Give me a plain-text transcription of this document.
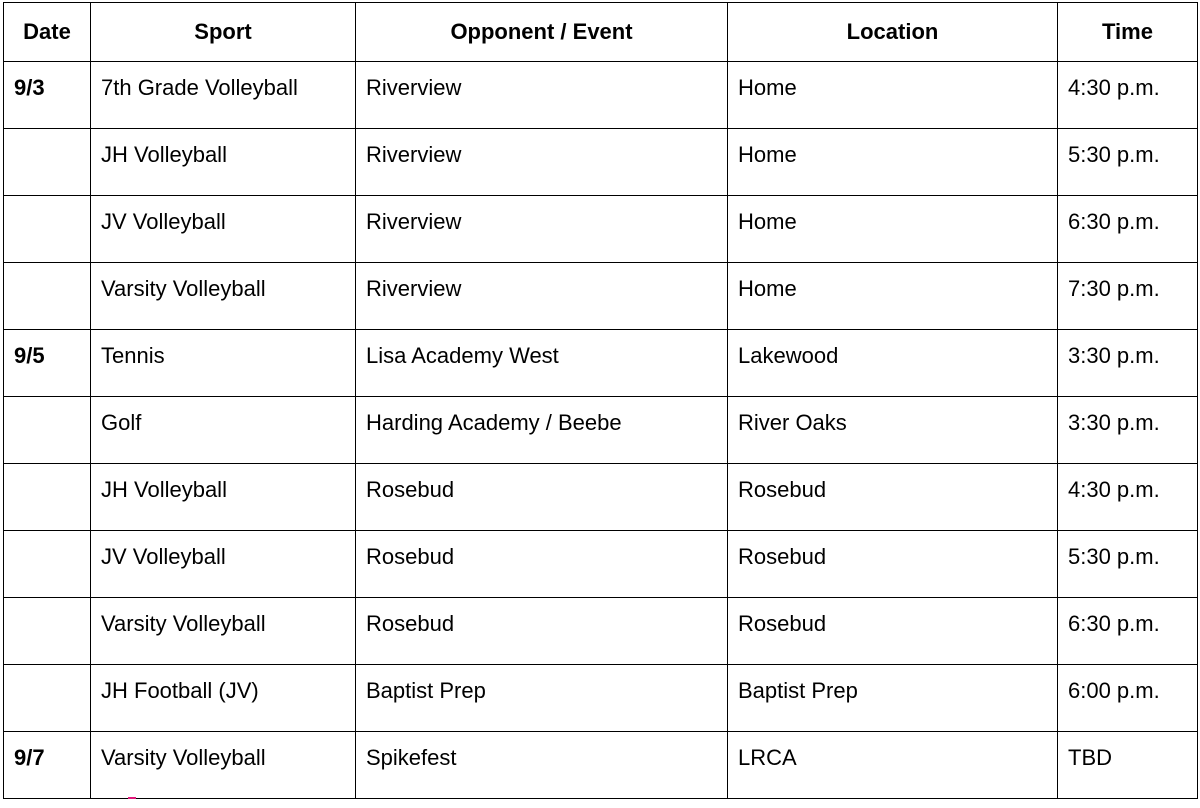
Date	Sport	Opponent / Event	Location	Time
9/3	7th Grade Volleyball	Riverview	Home	4:30 p.m.
	JH Volleyball	Riverview	Home	5:30 p.m.
	JV Volleyball	Riverview	Home	6:30 p.m.
	Varsity Volleyball	Riverview	Home	7:30 p.m.
9/5	Tennis	Lisa Academy West	Lakewood	3:30 p.m.
	Golf	Harding Academy / Beebe	River Oaks	3:30 p.m.
	JH Volleyball	Rosebud	Rosebud	4:30 p.m.
	JV Volleyball	Rosebud	Rosebud	5:30 p.m.
	Varsity Volleyball	Rosebud	Rosebud	6:30 p.m.
	JH Football (JV)	Baptist Prep	Baptist Prep	6:00 p.m.
9/7	Varsity Volleyball	Spikefest	LRCA	TBD
